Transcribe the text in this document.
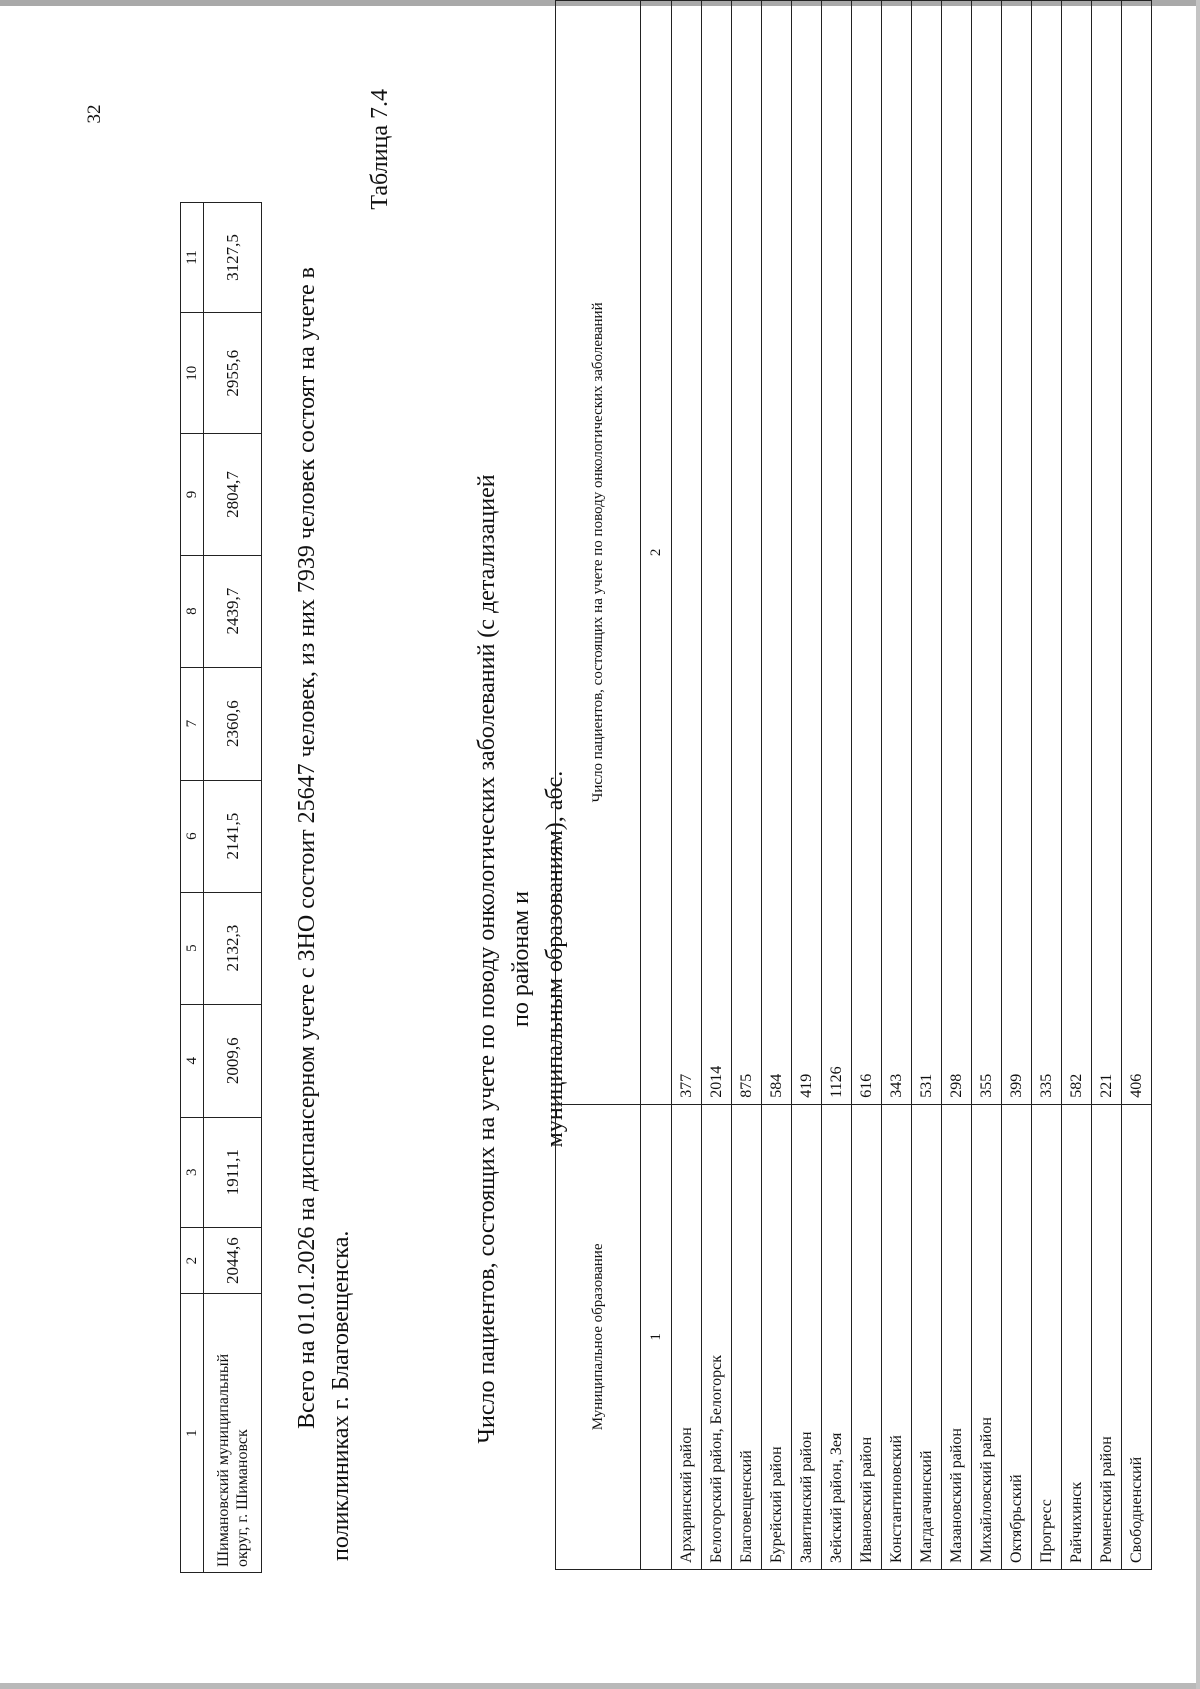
32
1	2	3	4	5	6	7	8	9	10	11
Шимановский муниципальный округ, г. Шимановск	2044,6	1911,1	2009,6	2132,3	2141,5	2360,6	2439,7	2804,7	2955,6	3127,5
Всего на 01.01.2026 на диспансерном учете с ЗНО состоит 25647 человек, из них 7939 человек состоят на учете в поликлиниках г. Благовещенска.
Таблица 7.4
Число пациентов, состоящих на учете по поводу онкологических заболеваний (с детализацией по районам и муниципальным образованиям), абс.
Муниципальное образование	Число пациентов, состоящих на учете по поводу онкологических заболеваний
1	2
Архаринский район	377
Белогорский район, Белогорск	2014
Благовещенский	875
Бурейский район	584
Завитинский район	419
Зейский район, Зея	1126
Ивановский район	616
Константиновский	343
Магдагачинский	531
Мазановский район	298
Михайловский район	355
Октябрьский	399
Прогресс	335
Райчихинск	582
Ромненский район	221
Свободненский	406
